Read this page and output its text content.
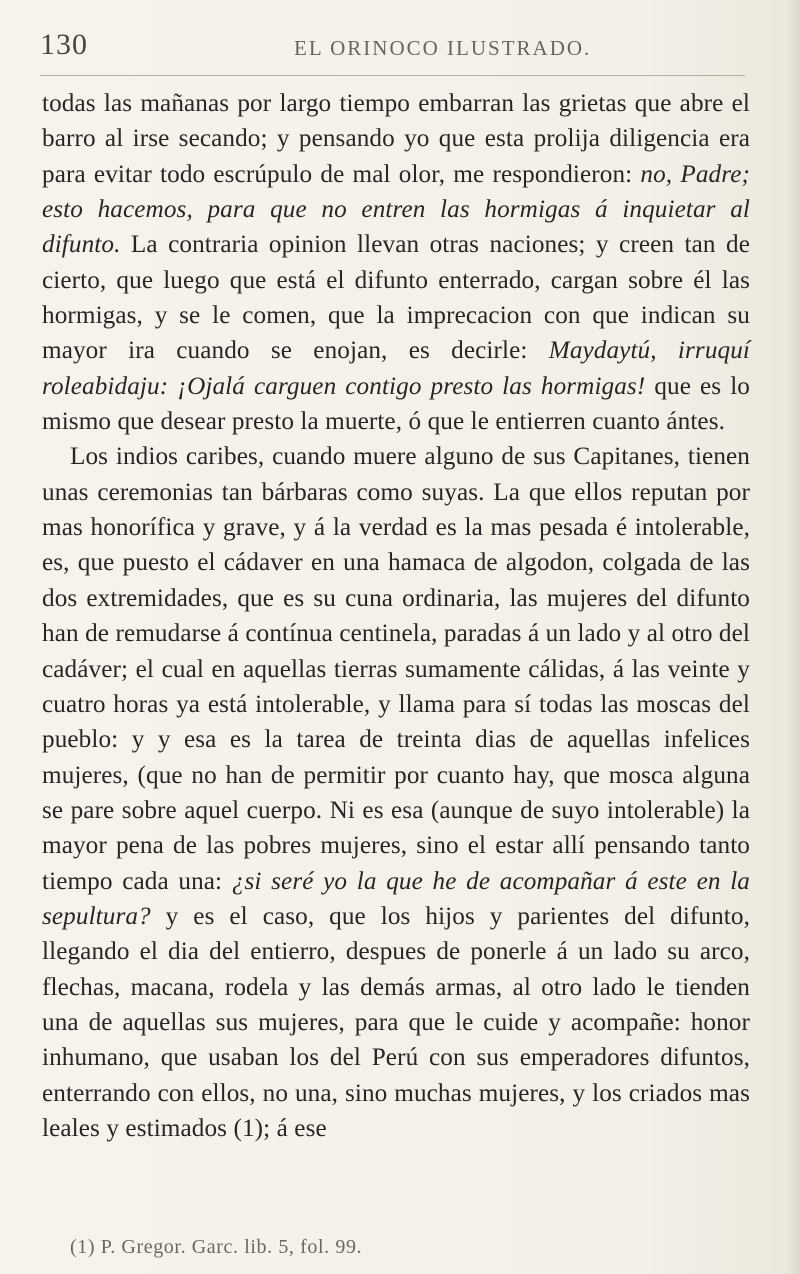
130	EL ORINOCO ILUSTRADO.

todas las mañanas por largo tiempo embarran las grietas que abre el barro al irse secando; y pensando yo que esta prolija diligencia era para evitar todo escrúpulo de mal olor, me respondieron: no, Padre; esto hacemos, para que no entren las hormigas á inquietar al difunto. La contraria opinion llevan otras naciones; y creen tan de cierto, que luego que está el difunto enterrado, cargan sobre él las hormigas, y se le comen, que la imprecacion con que indican su mayor ira cuando se enojan, es decirle: Maydaytú, irruquí roleabidaju: ¡Ojalá carguen contigo presto las hormigas! que es lo mismo que desear presto la muerte, ó que le entierren cuanto ántes.

Los indios caribes, cuando muere alguno de sus Capitanes, tienen unas ceremonias tan bárbaras como suyas. La que ellos reputan por mas honorífica y grave, y á la verdad es la mas pesada é intolerable, es, que puesto el cádaver en una hamaca de algodon, colgada de las dos extremidades, que es su cuna ordinaria, las mujeres del difunto han de remudarse á contínua centinela, paradas á un lado y al otro del cadáver; el cual en aquellas tierras sumamente cálidas, á las veinte y cuatro horas ya está intolerable, y llama para sí todas las moscas del pueblo: y y esa es la tarea de treinta dias de aquellas infelices mujeres, (que no han de permitir por cuanto hay, que mosca alguna se pare sobre aquel cuerpo. Ni es esa (aunque de suyo intolerable) la mayor pena de las pobres mujeres, sino el estar allí pensando tanto tiempo cada una: ¿si seré yo la que he de acompañar á este en la sepultura? y es el caso, que los hijos y parientes del difunto, llegando el dia del entierro, despues de ponerle á un lado su arco, flechas, macana, rodela y las demás armas, al otro lado le tienden una de aquellas sus mujeres, para que le cuide y acompañe: honor inhumano, que usaban los del Perú con sus emperadores difuntos, enterrando con ellos, no una, sino muchas mujeres, y los criados mas leales y estimados (1); á ese

(1) P. Gregor. Garc. lib. 5, fol. 99.
